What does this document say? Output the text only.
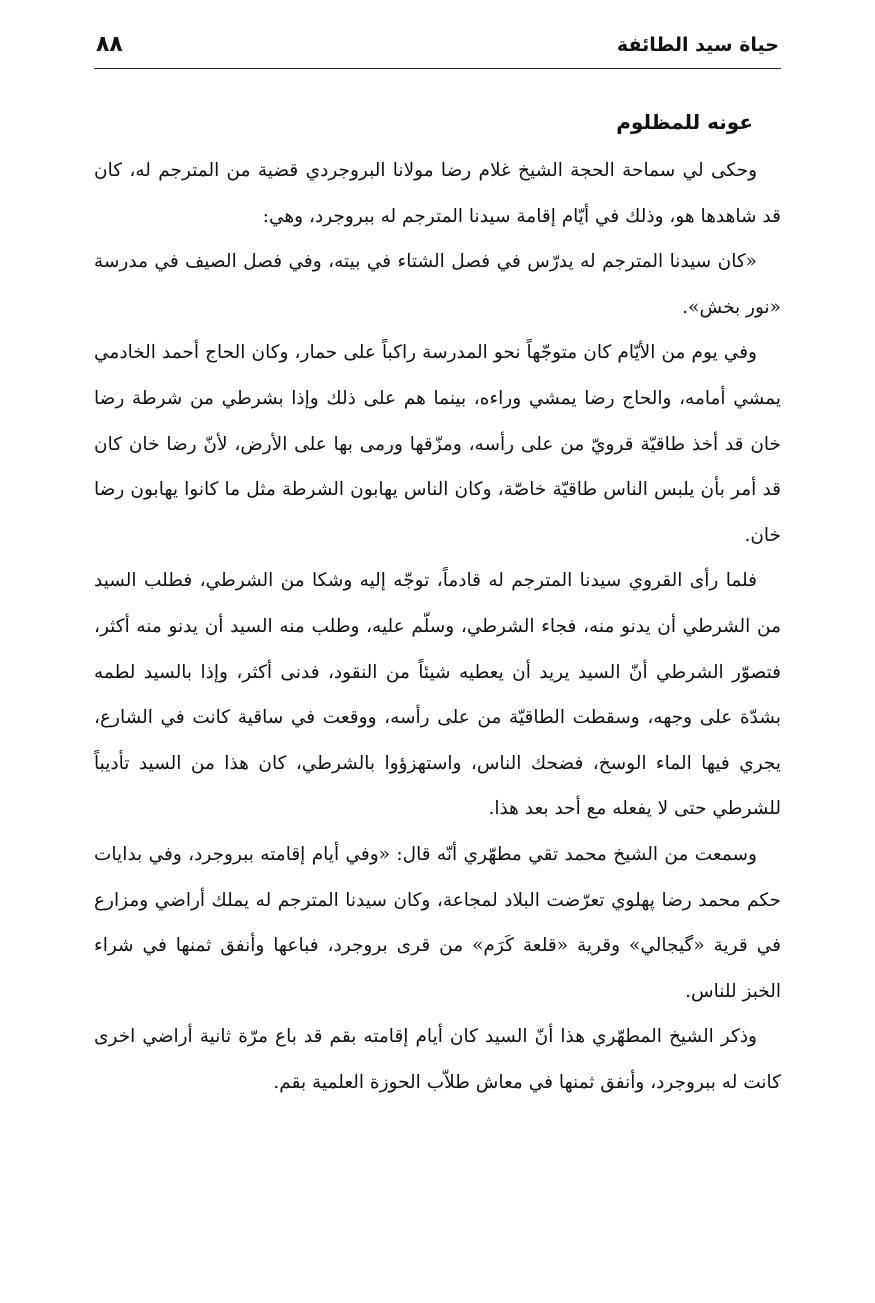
حياة سيد الطائفة
٨٨
عونه للمظلوم

وحكى لي سماحة الحجة الشيخ غلام رضا مولانا البروجردي قضية من المترجم له، كان قد شاهدها هو، وذلك في أيّام إقامة سيدنا المترجم له ببروجرد، وهي:

«كان سيدنا المترجم له يدرّس في فصل الشتاء في بيته، وفي فصل الصيف في مدرسة «نور بخش».

وفي يوم من الأيّام كان متوجّهاً نحو المدرسة راكباً على حمار، وكان الحاج أحمد الخادمي يمشي أمامه، والحاج رضا يمشي وراءه، بينما هم على ذلك وإذا بشرطي من شرطة رضا خان قد أخذ طاقيّة قرويّ من على رأسه، ومزّقها ورمى بها على الأرض، لأنّ رضا خان كان قد أمر بأن يلبس الناس طاقيّة خاصّة، وكان الناس يهابون الشرطة مثل ما كانوا يهابون رضا خان.

فلما رأى القروي سيدنا المترجم له قادماً، توجّه إليه وشكا من الشرطي، فطلب السيد من الشرطي أن يدنو منه، فجاء الشرطي، وسلّم عليه، وطلب منه السيد أن يدنو منه أكثر، فتصوّر الشرطي أنّ السيد يريد أن يعطيه شيئاً من النقود، فدنى أكثر، وإذا بالسيد لطمه بشدّة على وجهه، وسقطت الطاقيّة من على رأسه، ووقعت في ساقية كانت في الشارع، يجري فيها الماء الوسخ، فضحك الناس، واستهزؤوا بالشرطي، كان هذا من السيد تأديباً للشرطي حتى لا يفعله مع أحد بعد هذا.

وسمعت من الشيخ محمد تقي مطهّري أنّه قال: «وفي أيام إقامته ببروجرد، وفي بدايات حكم محمد رضا پهلوي تعرّضت البلاد لمجاعة، وكان سيدنا المترجم له يملك أراضي ومزارع في قرية «گيجالي» وقرية «قلعة كَرَم» من قرى بروجرد، فباعها وأنفق ثمنها في شراء الخبز للناس.

وذكر الشيخ المطهّري هذا أنّ السيد كان أيام إقامته بقم قد باع مرّة ثانية أراضي اخرى كانت له ببروجرد، وأنفق ثمنها في معاش طلاّب الحوزة العلمية بقم.
